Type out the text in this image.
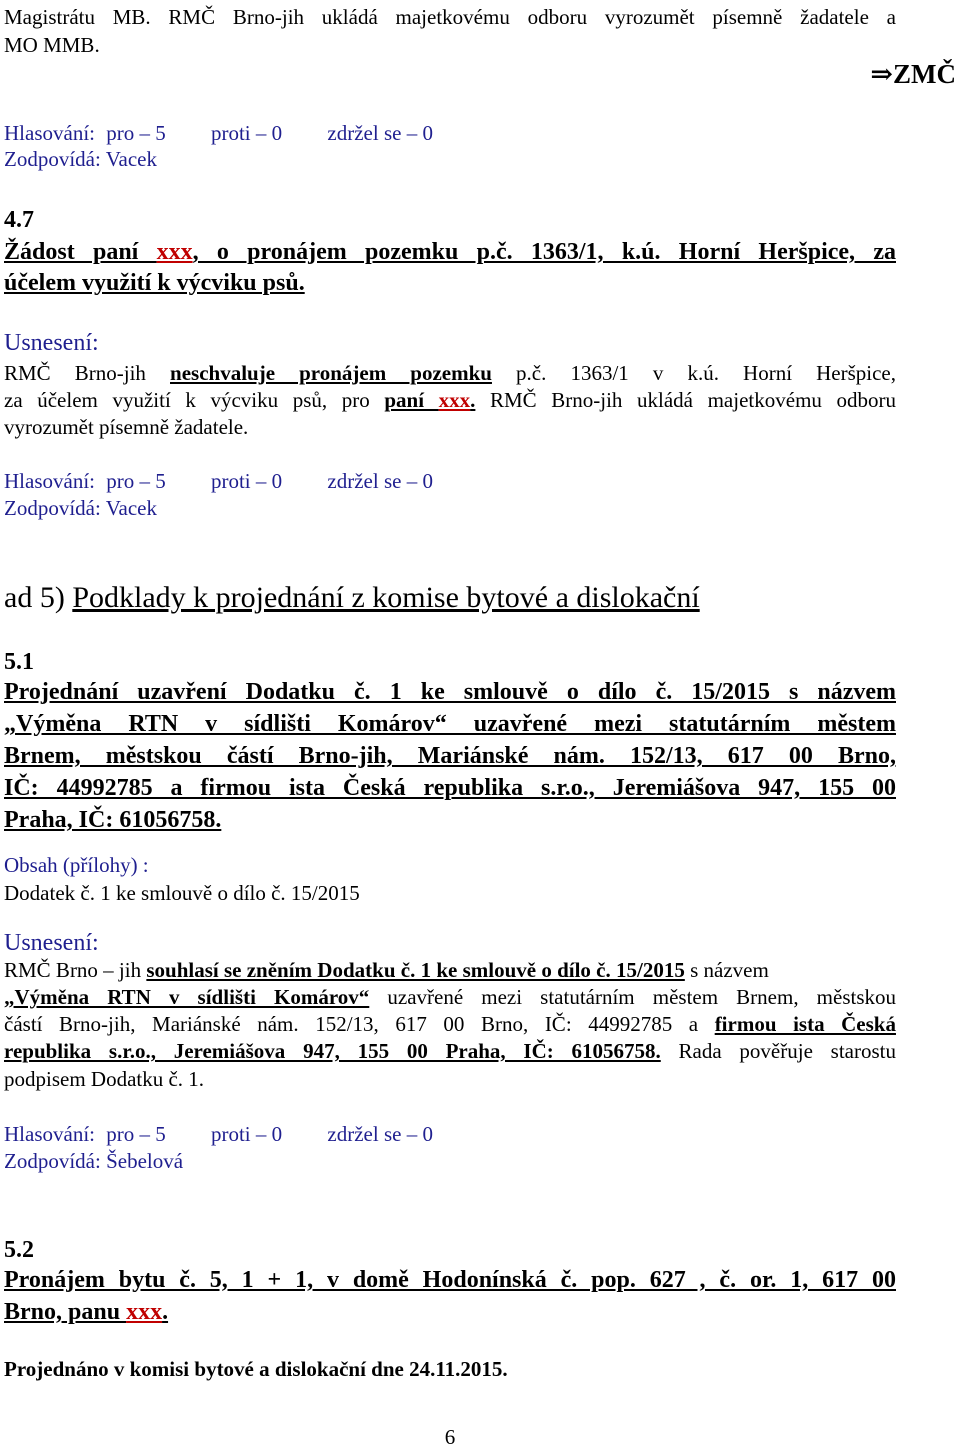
Magistrátu MB. RMČ Brno-jih ukládá majetkovému odboru vyrozumět písemně žadatele a
MO MMB.
⇒ZMČ
Hlasování: pro – 5 proti – 0 zdržel se – 0
Zodpovídá: Vacek
4.7
Žádost paní xxx, o pronájem pozemku p.č. 1363/1, k.ú. Horní Heršpice, za
účelem využití k výcviku psů.
Usnesení:
RMČ Brno-jih neschvaluje pronájem pozemku p.č. 1363/1 v k.ú. Horní Heršpice,
za účelem využití k výcviku psů, pro paní xxx. RMČ Brno-jih ukládá majetkovému odboru
vyrozumět písemně žadatele.
Hlasování: pro – 5 proti – 0 zdržel se – 0
Zodpovídá: Vacek
ad 5) Podklady k projednání z komise bytové a dislokační
5.1
Projednání uzavření Dodatku č. 1 ke smlouvě o dílo č. 15/2015 s názvem
„Výměna RTN v sídlišti Komárov“ uzavřené mezi statutárním městem
Brnem, městskou částí Brno-jih, Mariánské nám. 152/13, 617 00 Brno,
IČ: 44992785 a firmou ista Česká republika s.r.o., Jeremiášova 947, 155 00
Praha, IČ: 61056758.
Obsah (přílohy) :
Dodatek č. 1 ke smlouvě o dílo č. 15/2015
Usnesení:
RMČ Brno – jih souhlasí se zněním Dodatku č. 1 ke smlouvě o dílo č. 15/2015 s názvem
„Výměna RTN v sídlišti Komárov“ uzavřené mezi statutárním městem Brnem, městskou
částí Brno-jih, Mariánské nám. 152/13, 617 00 Brno, IČ: 44992785 a firmou ista Česká
republika s.r.o., Jeremiášova 947, 155 00 Praha, IČ: 61056758. Rada pověřuje starostu
podpisem Dodatku č. 1.
Hlasování: pro – 5 proti – 0 zdržel se – 0
Zodpovídá: Šebelová
5.2
Pronájem bytu č. 5, 1 + 1, v domě Hodonínská č. pop. 627 , č. or. 1, 617 00
Brno, panu xxx.
Projednáno v komisi bytové a dislokační dne 24.11.2015.
6
